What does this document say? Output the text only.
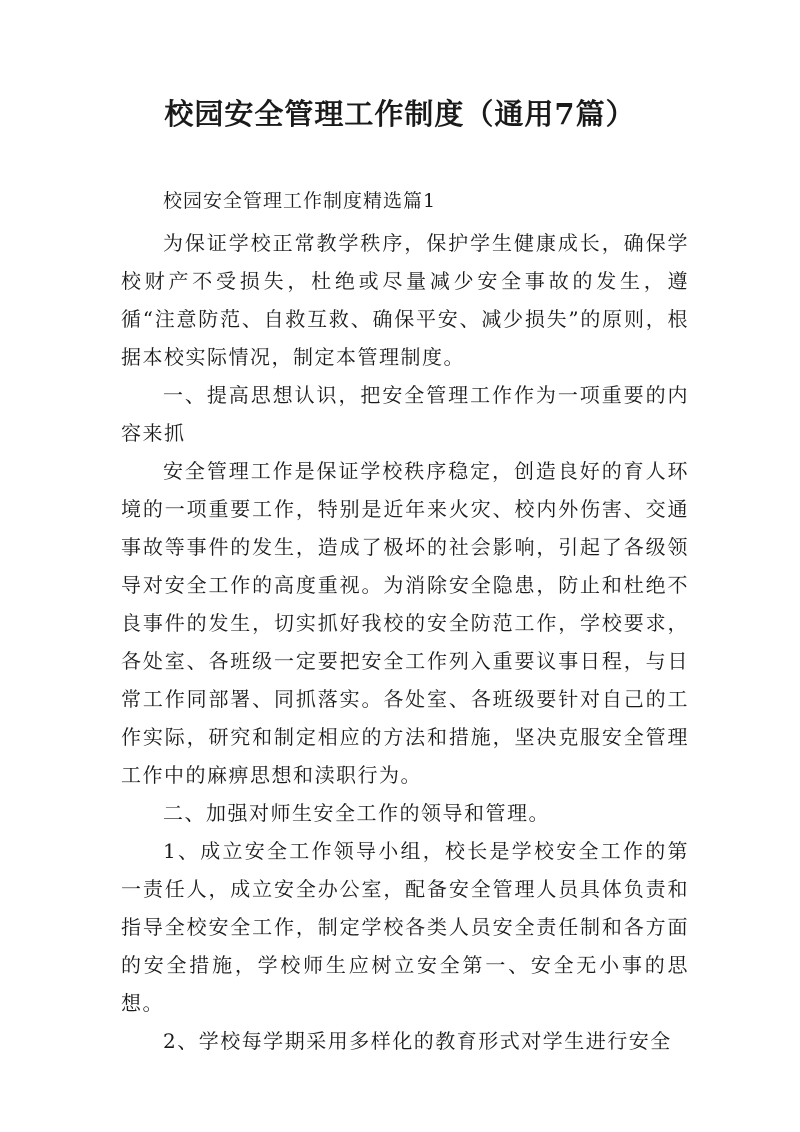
校园安全管理工作制度（通用7篇）

校园安全管理工作制度精选篇1

为保证学校正常教学秩序，保护学生健康成长，确保学校财产不受损失，杜绝或尽量减少安全事故的发生，遵循“注意防范、自救互救、确保平安、减少损失”的原则，根据本校实际情况，制定本管理制度。

一、提高思想认识，把安全管理工作作为一项重要的内容来抓

安全管理工作是保证学校秩序稳定，创造良好的育人环境的一项重要工作，特别是近年来火灾、校内外伤害、交通事故等事件的发生，造成了极坏的社会影响，引起了各级领导对安全工作的高度重视。为消除安全隐患，防止和杜绝不良事件的发生，切实抓好我校的安全防范工作，学校要求，各处室、各班级一定要把安全工作列入重要议事日程，与日常工作同部署、同抓落实。各处室、各班级要针对自己的工作实际，研究和制定相应的方法和措施，坚决克服安全管理工作中的麻痹思想和渎职行为。

二、加强对师生安全工作的领导和管理。

1、成立安全工作领导小组，校长是学校安全工作的第一责任人，成立安全办公室，配备安全管理人员具体负责和指导全校安全工作，制定学校各类人员安全责任制和各方面的安全措施，学校师生应树立安全第一、安全无小事的思想。

2、学校每学期采用多样化的教育形式对学生进行安全
